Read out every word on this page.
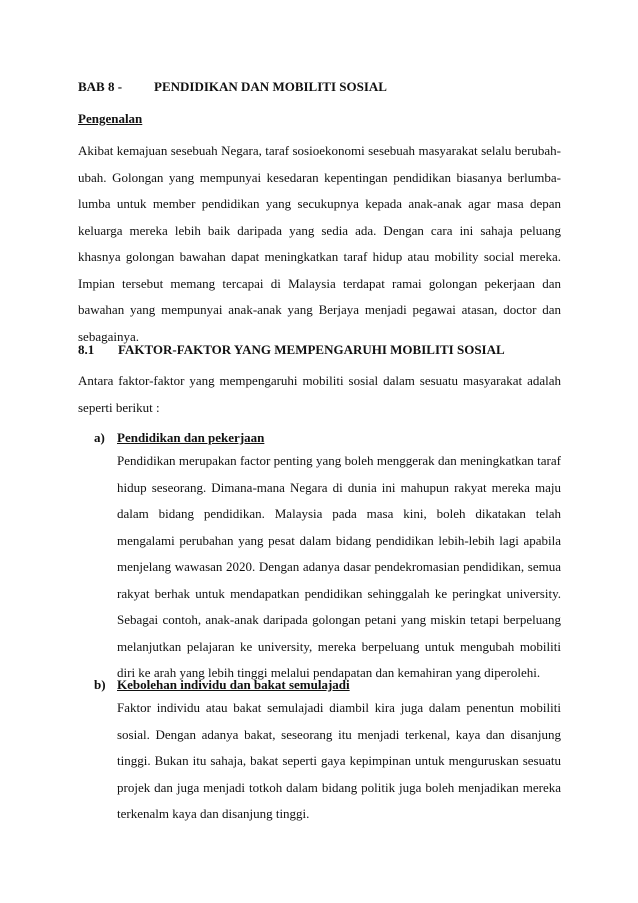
BAB 8 - PENDIDIKAN DAN MOBILITI SOSIAL
Pengenalan
Akibat kemajuan sesebuah Negara, taraf sosioekonomi sesebuah masyarakat selalu berubah-ubah. Golongan yang mempunyai kesedaran kepentingan pendidikan biasanya berlumba-lumba untuk member pendidikan yang secukupnya kepada anak-anak agar masa depan keluarga mereka lebih baik daripada yang sedia ada. Dengan cara ini sahaja peluang khasnya golongan bawahan dapat meningkatkan taraf hidup atau mobility social mereka. Impian tersebut memang tercapai di Malaysia terdapat ramai golongan pekerjaan dan bawahan yang mempunyai anak-anak yang Berjaya menjadi pegawai atasan, doctor dan sebagainya.
8.1 FAKTOR-FAKTOR YANG MEMPENGARUHI MOBILITI SOSIAL
Antara faktor-faktor yang mempengaruhi mobiliti sosial dalam sesuatu masyarakat adalah seperti berikut :
a) Pendidikan dan pekerjaan
Pendidikan merupakan factor penting yang boleh menggerak dan meningkatkan taraf hidup seseorang. Dimana-mana Negara di dunia ini mahupun rakyat mereka maju dalam bidang pendidikan. Malaysia pada masa kini, boleh dikatakan telah mengalami perubahan yang pesat dalam bidang pendidikan lebih-lebih lagi apabila menjelang wawasan 2020. Dengan adanya dasar pendekromasian pendidikan, semua rakyat berhak untuk mendapatkan pendidikan sehinggalah ke peringkat university. Sebagai contoh, anak-anak daripada golongan petani yang miskin tetapi berpeluang melanjutkan pelajaran ke university, mereka berpeluang untuk mengubah mobiliti diri ke arah yang lebih tinggi melalui pendapatan dan kemahiran yang diperolehi.
b) Kebolehan individu dan bakat semulajadi
Faktor individu atau bakat semulajadi diambil kira juga dalam penentun mobiliti sosial. Dengan adanya bakat, seseorang itu menjadi terkenal, kaya dan disanjung tinggi. Bukan itu sahaja, bakat seperti gaya kepimpinan untuk menguruskan sesuatu projek dan juga menjadi totkoh dalam bidang politik juga boleh menjadikan mereka terkenalm kaya dan disanjung tinggi.
